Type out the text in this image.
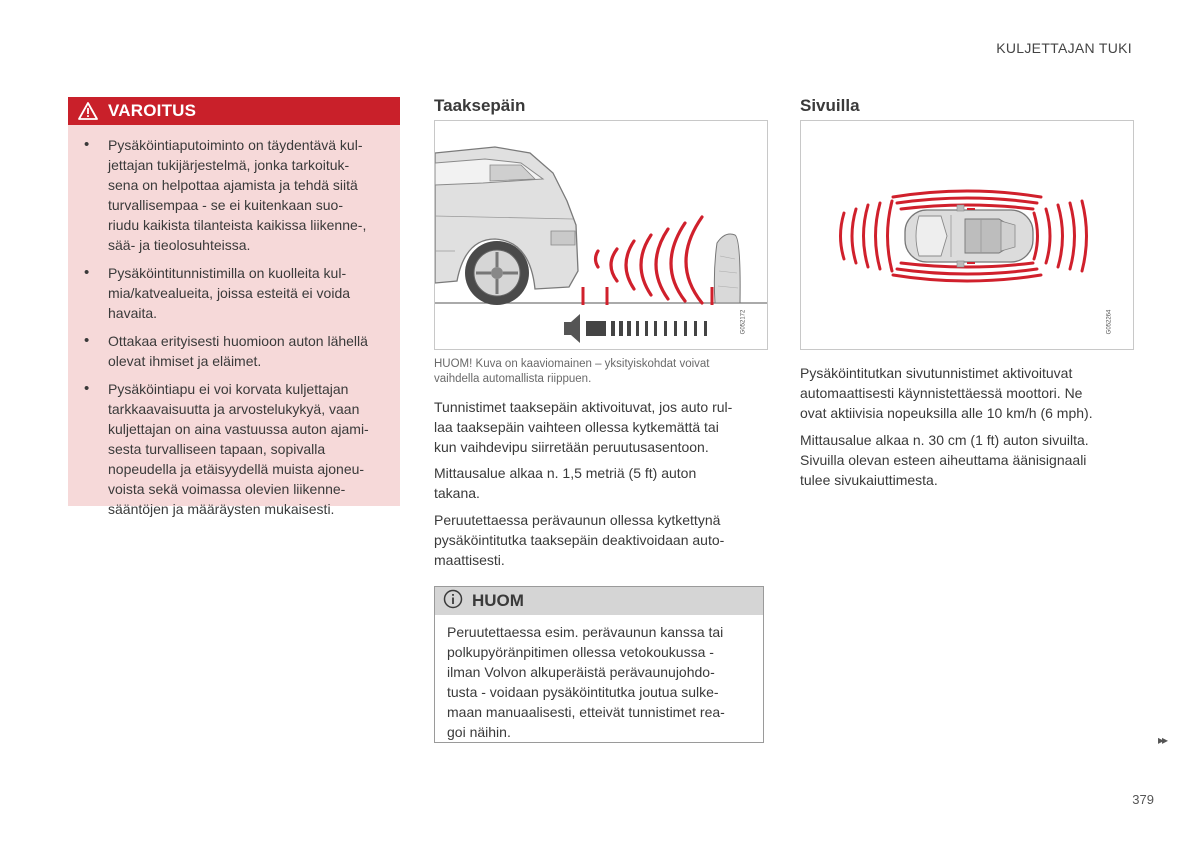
KULJETTAJAN TUKI
VAROITUS
• Pysäköintiaputoiminto on täydentävä kul-
jettajan tukijärjestelmä, jonka tarkoituk-
sena on helpottaa ajamista ja tehdä siitä
turvallisempaa - se ei kuitenkaan suo-
riudu kaikista tilanteista kaikissa liikenne-,
sää- ja tieolosuhteissa.
• Pysäköintitunnistimilla on kuolleita kul-
mia/katvealueita, joissa esteitä ei voida
havaita.
• Ottakaa erityisesti huomioon auton lähellä
olevat ihmiset ja eläimet.
• Pysäköintiapu ei voi korvata kuljettajan
tarkkaavaisuutta ja arvostelukykyä, vaan
kuljettajan on aina vastuussa auton ajami-
sesta turvalliseen tapaan, sopivalla
nopeudella ja etäisyydellä muista ajoneu-
voista sekä voimassa olevien liikenne-
sääntöjen ja määräysten mukaisesti.
Taaksepäin
G052172
HUOM! Kuva on kaaviomainen – yksityiskohdat voivat
vaihdella automallista riippuen.
Tunnistimet taaksepäin aktivoituvat, jos auto rul-
laa taaksepäin vaihteen ollessa kytkemättä tai
kun vaihdevipu siirretään peruutusasentoon.
Mittausalue alkaa n. 1,5 metriä (5 ft) auton
takana.
Peruutettaessa perävaunun ollessa kytkettynä
pysäköintitutka taaksepäin deaktivoidaan auto-
maattisesti.
HUOM
Peruutettaessa esim. perävaunun kanssa tai
polkupyöränpitimen ollessa vetokoukussa -
ilman Volvon alkuperäistä perävaunujohdo-
tusta - voidaan pysäköintitutka joutua sulke-
maan manuaalisesti, etteivät tunnistimet rea-
goi näihin.
Sivuilla
G052264
Pysäköintitutkan sivutunnistimet aktivoituvat
automaattisesti käynnistettäessä moottori. Ne
ovat aktiivisia nopeuksilla alle 10 km/h (6 mph).
Mittausalue alkaa n. 30 cm (1 ft) auton sivuilta.
Sivuilla olevan esteen aiheuttama äänisignaali
tulee sivukaiuttimesta.
▸▸
379
